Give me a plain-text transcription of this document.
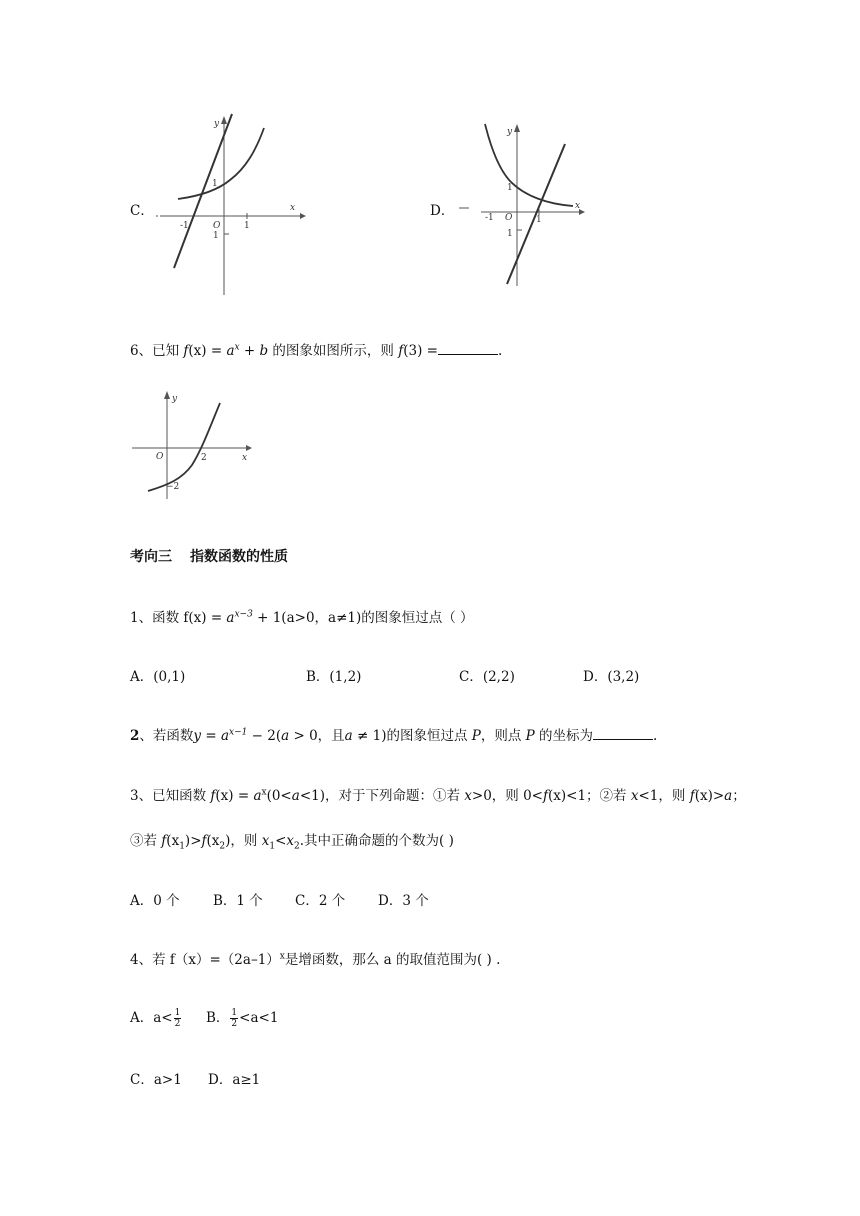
C．
y
x
O
1
-1	1
1
D．
y
x
O
1
-1	1
1
6、已知 $f(x) = a^x + b$ 的图象如图所示，则 f(3) =	.
y
x
O	2
−2
考向三 指数函数的性质
1、函数 $f(x) = a^{x-3} + 1(a>0$，a≠1)的图象恒过点（ ）
A．(0,1)	B．(1,2)	C．(2,2)	D．(3,2)
2、若函数$y = a^{x-1} - 2(a > 0$，且a ≠ 1)的图象恒过点 P，则点 P 的坐标为	.
3、已知函数 $f(x) = a^x(0<a<1)$，对于下列命题：①若 x>0，则 0<f(x)<1；②若 x<1，则 f(x)>a；
③若 $f(x_1)>f(x_2)$，则 $x_1<x_2$.其中正确命题的个数为( )
A．0 个 B．1 个 C．2 个 D．3 个
4、若 $f(x)=(2a-1)^x$是增函数，那么 a 的取值范围为( ) .
A．$a< \frac{1}{2}$ B． $\frac{1}{2} <a<1$
C．a>1 D．a≥1
